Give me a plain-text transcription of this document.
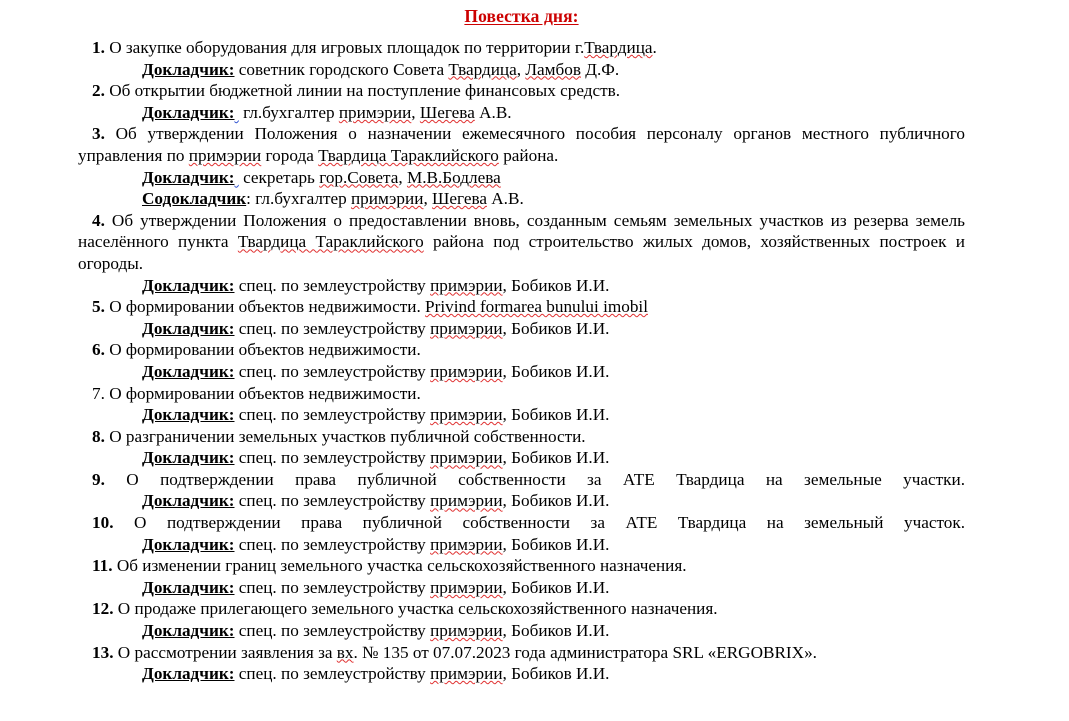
Повестка дня:

1. О закупке оборудования для игровых площадок по территории г.Твардица.

Докладчик: советник городского Совета Твардица, Ламбов Д.Ф.

2. Об открытии бюджетной линии на поступление финансовых средств.

Докладчик:  гл.бухгалтер примэрии, Шегева А.В.

3. Об утверждении Положения о назначении ежемесячного пособия персоналу органов местного публичного управления по примэрии города Твардица Тараклийского района.

Докладчик:  секретарь гор.Совета, М.В.Бодлева

Содокладчик: гл.бухгалтер примэрии, Шегева А.В.

4. Об утверждении Положения о предоставлении вновь, созданным семьям земельных участков из резерва земель населённого пункта Твардица Тараклийского района под строительство жилых домов, хозяйственных построек и огороды.

Докладчик: спец. по землеустройству примэрии, Бобиков И.И.

5. О формировании объектов недвижимости. Privind formarea bunului imobil

Докладчик: спец. по землеустройству примэрии, Бобиков И.И.

6. О формировании объектов недвижимости.

Докладчик: спец. по землеустройству примэрии, Бобиков И.И.

7. О формировании объектов недвижимости.

Докладчик: спец. по землеустройству примэрии, Бобиков И.И.

8. О разграничении земельных участков публичной собственности.

Докладчик: спец. по землеустройству примэрии, Бобиков И.И.

9. О подтверждении права публичной собственности за АТЕ Твардица на земельные участки.

Докладчик: спец. по землеустройству примэрии, Бобиков И.И.

10. О подтверждении права публичной собственности за АТЕ Твардица на земельный участок.

Докладчик: спец. по землеустройству примэрии, Бобиков И.И.

11. Об изменении границ земельного участка сельскохозяйственного назначения.

Докладчик: спец. по землеустройству примэрии, Бобиков И.И.

12. О продаже прилегающего земельного участка сельскохозяйственного назначения.

Докладчик: спец. по землеустройству примэрии, Бобиков И.И.

13. О рассмотрении заявления за вх. № 135 от 07.07.2023 года администратора SRL «ERGOBRIX».

Докладчик: спец. по землеустройству примэрии, Бобиков И.И.
